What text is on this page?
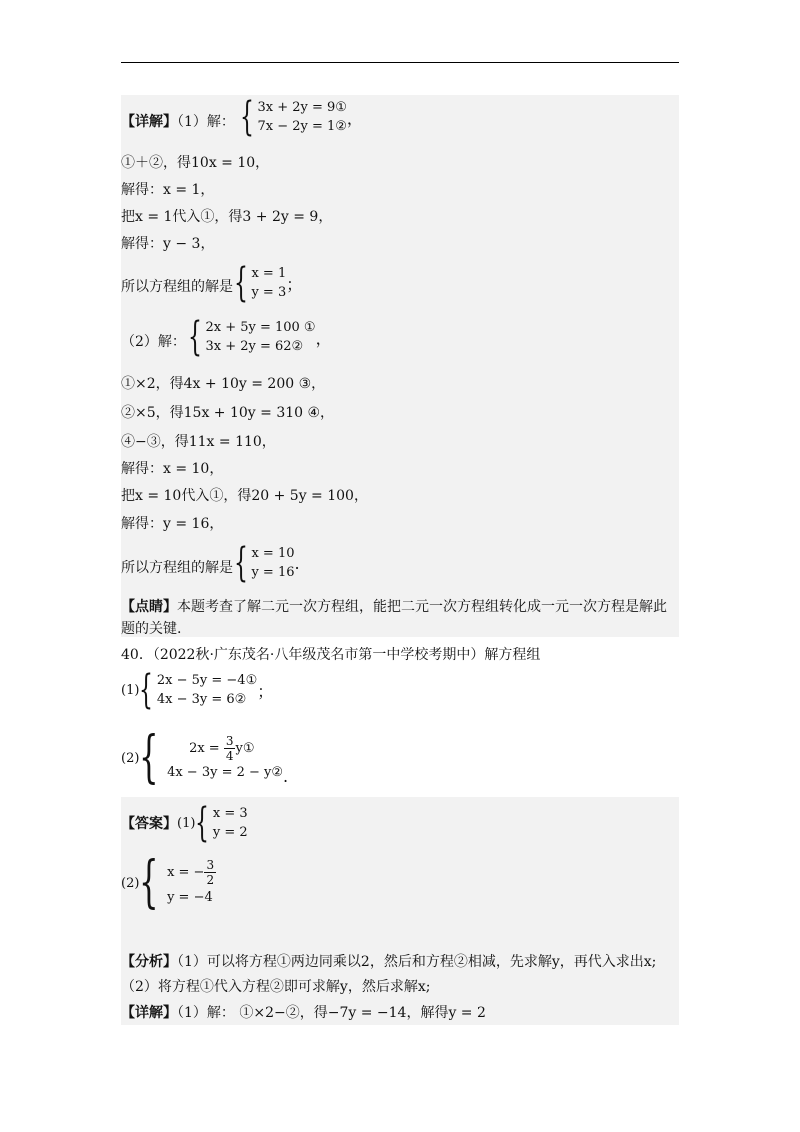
【详解】（1）解： { 3x + 2y = 9①
7x − 2y = 1② ，
①＋②，得10x = 10，
解得：x = 1，
把x = 1代入①，得3 + 2y = 9，
解得：y − 3，
所以方程组的解是 { x = 1
y = 3 ；
（2）解： { 2x + 5y = 100 ①
3x + 2y = 62② ，
①×2，得4x + 10y = 200 ③，
②×5，得15x + 10y = 310 ④，
④−③，得11x = 110，
解得：x = 10，
把x = 10代入①，得20 + 5y = 100，
解得：y = 16，
所以方程组的解是 { x = 10
y = 16 .
【点睛】本题考查了解二元一次方程组，能把二元一次方程组转化成一元一次方程是解此
题的关键.
40．（2022秋·广东茂名·八年级茂名市第一中学校考期中）解方程组
(1) { 2x − 5y = −4①
4x − 3y = 6② ；
(2) {	$2x = \frac{3}{4}$ y①
4x − 3y = 2 − y② .
【答案】 (1) { x = 3
y = 2
(2) { x = − $\frac{3}{2}$
y = −4
【分析】（1）可以将方程①两边同乘以2，然后和方程②相减，先求解y，再代入求出x;
（2）将方程①代入方程②即可求解y，然后求解x;
【详解】（1）解： ①×2−②，得−7y = −14，解得y = 2
